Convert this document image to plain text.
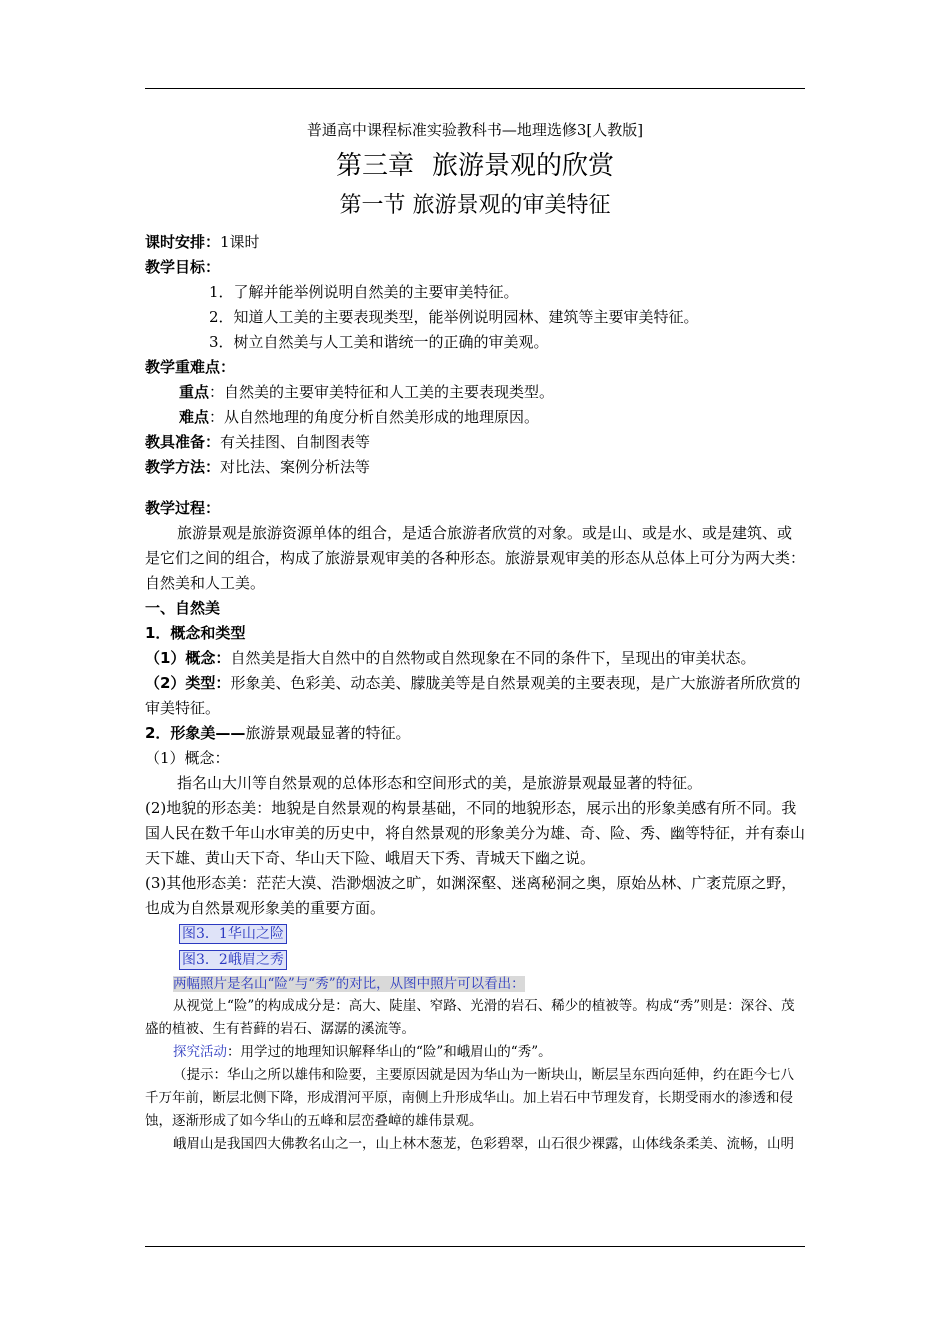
普通高中课程标准实验教科书—地理选修3[人教版]
第三章 旅游景观的欣赏
第一节 旅游景观的审美特征
课时安排：1课时
教学目标：
1．了解并能举例说明自然美的主要审美特征。
2．知道人工美的主要表现类型，能举例说明园林、建筑等主要审美特征。
3．树立自然美与人工美和谐统一的正确的审美观。
教学重难点：
重点：自然美的主要审美特征和人工美的主要表现类型。
难点：从自然地理的角度分析自然美形成的地理原因。
教具准备：有关挂图、自制图表等
教学方法：对比法、案例分析法等
教学过程：
旅游景观是旅游资源单体的组合，是适合旅游者欣赏的对象。或是山、或是水、或是建筑、或是它们之间的组合，构成了旅游景观审美的各种形态。旅游景观审美的形态从总体上可分为两大类：自然美和人工美。
一、自然美
1．概念和类型
（1）概念：自然美是指大自然中的自然物或自然现象在不同的条件下，呈现出的审美状态。
（2）类型：形象美、色彩美、动态美、朦胧美等是自然景观美的主要表现，是广大旅游者所欣赏的审美特征。
2．形象美——旅游景观最显著的特征。
（1）概念：
指名山大川等自然景观的总体形态和空间形式的美，是旅游景观最显著的特征。
(2)地貌的形态美：地貌是自然景观的构景基础，不同的地貌形态，展示出的形象美感有所不同。我国人民在数千年山水审美的历史中，将自然景观的形象美分为雄、奇、险、秀、幽等特征，并有泰山天下雄、黄山天下奇、华山天下险、峨眉天下秀、青城天下幽之说。
(3)其他形态美：茫茫大漠、浩渺烟波之旷，如渊深壑、迷离秘洞之奥，原始丛林、广袤荒原之野，也成为自然景观形象美的重要方面。
图3．1华山之险
图3．2峨眉之秀
两幅照片是名山“险”与“秀”的对比，从图中照片可以看出：
从视觉上“险”的构成成分是：高大、陡崖、窄路、光滑的岩石、稀少的植被等。构成“秀”则是：深谷、茂盛的植被、生有苔藓的岩石、潺潺的溪流等。
探究活动：用学过的地理知识解释华山的“险”和峨眉山的“秀”。
（提示：华山之所以雄伟和险要，主要原因就是因为华山为一断块山，断层呈东西向延伸，约在距今七八千万年前，断层北侧下降，形成渭河平原，南侧上升形成华山。加上岩石中节理发育，长期受雨水的渗透和侵蚀，逐渐形成了如今华山的五峰和层峦叠嶂的雄伟景观。
峨眉山是我国四大佛教名山之一，山上林木葱茏，色彩碧翠，山石很少裸露，山体线条柔美、流畅，山明
